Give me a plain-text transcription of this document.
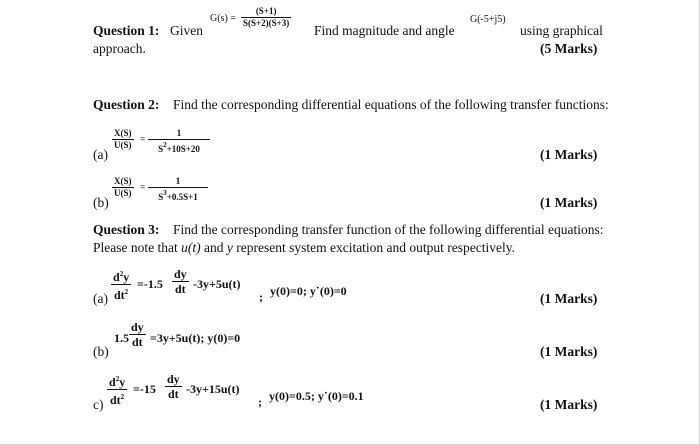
Question 1: Given
$G(s) = \frac{(S+1)}{S(S+2)(S+3)}$
Find magnitude and angle
G(-5+j5)
using graphical
approach.	(5 Marks)
Question 2: Find the corresponding differential equations of the following transfer functions:
(a)
$\frac{X(S)}{U(S)} = \frac{1}{S^2+10S+20}$	(1 Marks)
(b)
$\frac{X(S)}{U(S)} = \frac{1}{S^3+0.5S+1}$	(1 Marks)
Question 3: Find the corresponding transfer function of the following differential equations:
Please note that u(t) and y represent system excitation and output respectively.
$(a) \frac{d^2y}{dt^2} =-1.5 \frac{dy}{dt} -3y+5u(t)$
; y(0)=0; y˙(0)=0	(1 Marks)
(b)
$1.5 \frac{dy}{dt} =3y+5u(t)$; y(0)=0
(1 Marks)
$c) \frac{d^2y}{dt^2} =-15 \frac{dy}{dt} -3y+15u(t)$
; y(0)=0.5; y˙(0)=0.1
(1 Marks)
